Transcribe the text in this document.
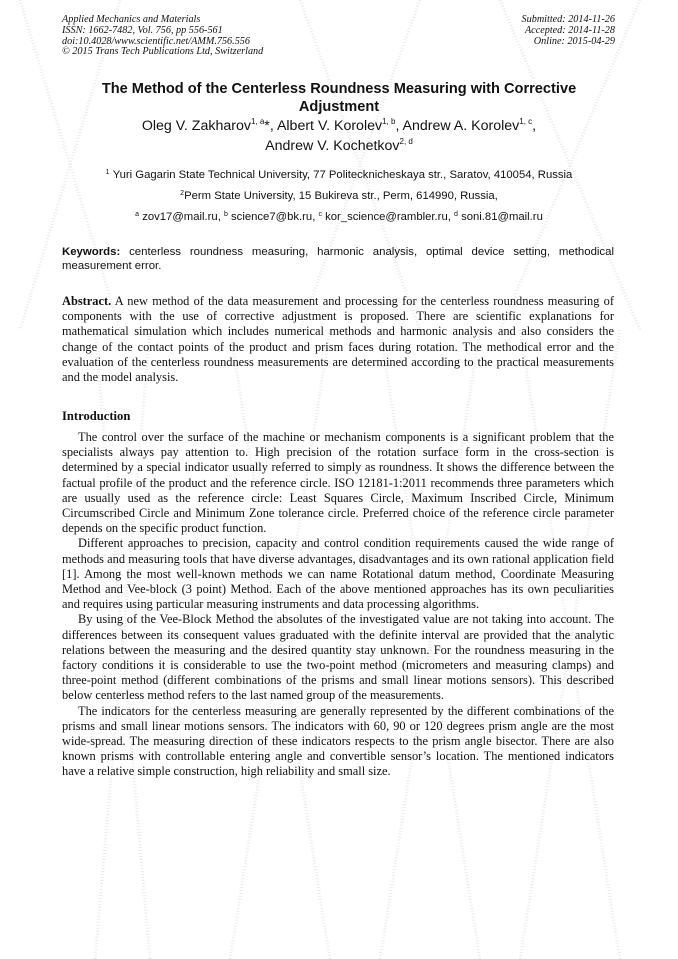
Applied Mechanics and Materials
ISSN: 1662-7482, Vol. 756, pp 556-561
doi:10.4028/www.scientific.net/AMM.756.556
© 2015 Trans Tech Publications Ltd, Switzerland
Submitted: 2014-11-26
Accepted: 2014-11-28
Online: 2015-04-29
The Method of the Centerless Roundness Measuring with Corrective Adjustment
Oleg V. Zakharov$^{1, a}$*, Albert V. Korolev$^{1, b}$, Andrew A. Korolev$^{1, c}$,
Andrew V. Kochetkov$^{2, d}$
$^1$ Yuri Gagarin State Technical University, 77 Politecknicheskaya str., Saratov, 410054, Russia
$^2$Perm State University, 15 Bukireva str., Perm, 614990, Russia,
$^a$ zov17@mail.ru, $^b$ science7@bk.ru, $^c$ kor_science@rambler.ru, $^d$ soni.81@mail.ru
Keywords: centerless roundness measuring, harmonic analysis, optimal device setting, methodical measurement error.
Abstract. A new method of the data measurement and processing for the centerless roundness measuring of components with the use of corrective adjustment is proposed. There are scientific explanations for mathematical simulation which includes numerical methods and harmonic analysis and also considers the change of the contact points of the product and prism faces during rotation. The methodical error and the evaluation of the centerless roundness measurements are determined according to the practical measurements and the model analysis.
Introduction

The control over the surface of the machine or mechanism components is a significant problem that the specialists always pay attention to. High precision of the rotation surface form in the cross-section is determined by a special indicator usually referred to simply as roundness. It shows the difference between the factual profile of the product and the reference circle. ISO 12181-1:2011 recommends three parameters which are usually used as the reference circle: Least Squares Circle, Maximum Inscribed Circle, Minimum Circumscribed Circle and Minimum Zone tolerance circle. Preferred choice of the reference circle parameter depends on the specific product function.

Different approaches to precision, capacity and control condition requirements caused the wide range of methods and measuring tools that have diverse advantages, disadvantages and its own rational application field [1]. Among the most well-known methods we can name Rotational datum method, Coordinate Measuring Method and Vee-block (3 point) Method. Each of the above mentioned approaches has its own peculiarities and requires using particular measuring instruments and data processing algorithms.

By using of the Vee-Block Method the absolutes of the investigated value are not taking into account. The differences between its consequent values graduated with the definite interval are provided that the analytic relations between the measuring and the desired quantity stay unknown. For the roundness measuring in the factory conditions it is considerable to use the two-point method (micrometers and measuring clamps) and three-point method (different combinations of the prisms and small linear motions sensors). This described below centerless method refers to the last named group of the measurements.

The indicators for the centerless measuring are generally represented by the different combinations of the prisms and small linear motions sensors. The indicators with 60, 90 or 120 degrees prism angle are the most wide-spread. The measuring direction of these indicators respects to the prism angle bisector. There are also known prisms with controllable entering angle and convertible sensor’s location. The mentioned indicators have a relative simple construction, high reliability and small size.
